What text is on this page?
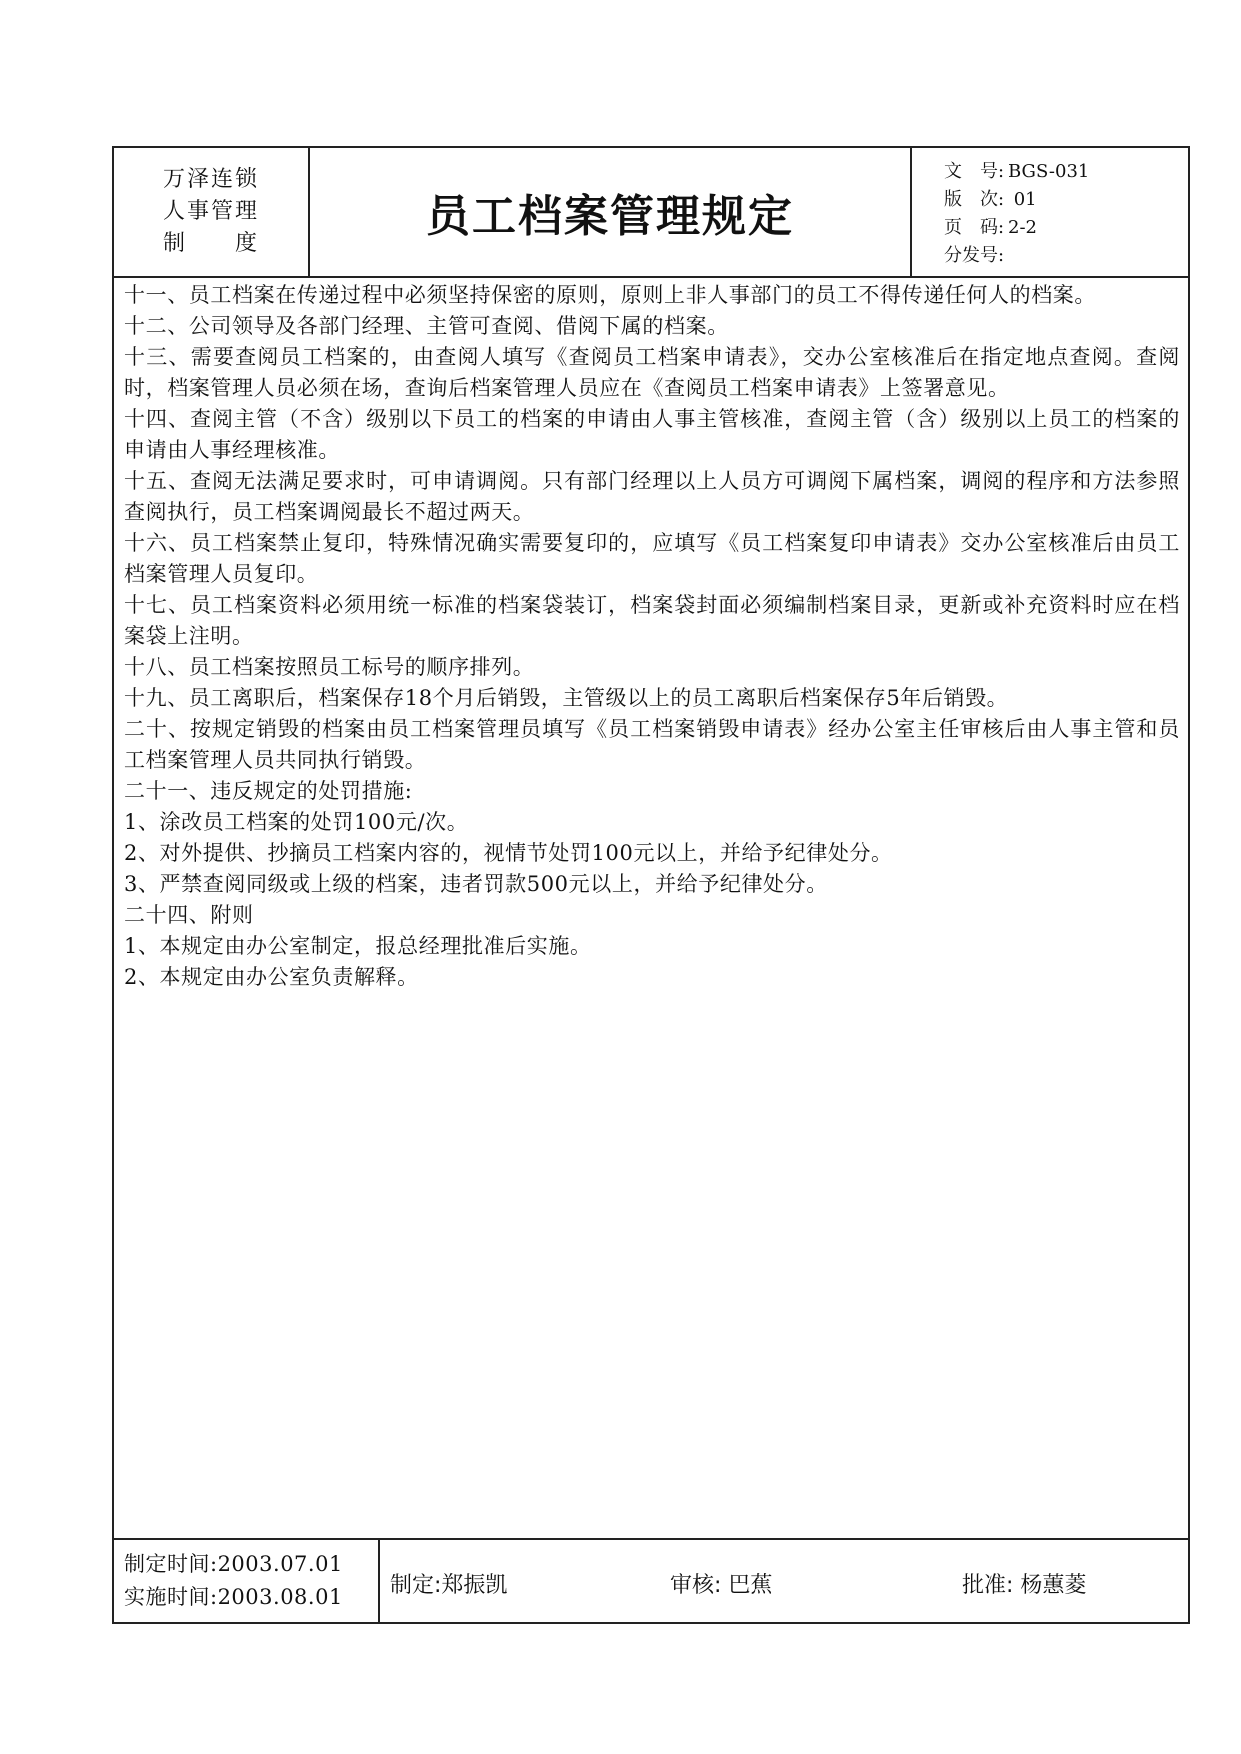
万泽连锁
人事管理
制　　度
员工档案管理规定
文　号: BGS-031
版　次: 01
页　码: 2-2
分发号:

十一、员工档案在传递过程中必须坚持保密的原则，原则上非人事部门的员工不得传递任何人的档案。

十二、公司领导及各部门经理、主管可查阅、借阅下属的档案。

十三、需要查阅员工档案的，由查阅人填写《查阅员工档案申请表》，交办公室核准后在指定地点查阅。查阅时，档案管理人员必须在场，查询后档案管理人员应在《查阅员工档案申请表》上签署意见。

十四、查阅主管（不含）级别以下员工的档案的申请由人事主管核准，查阅主管（含）级别以上员工的档案的申请由人事经理核准。

十五、查阅无法满足要求时，可申请调阅。只有部门经理以上人员方可调阅下属档案，调阅的程序和方法参照查阅执行，员工档案调阅最长不超过两天。

十六、员工档案禁止复印，特殊情况确实需要复印的，应填写《员工档案复印申请表》交办公室核准后由员工档案管理人员复印。

十七、员工档案资料必须用统一标准的档案袋装订，档案袋封面必须编制档案目录，更新或补充资料时应在档案袋上注明。

十八、员工档案按照员工标号的顺序排列。

十九、员工离职后，档案保存18个月后销毁，主管级以上的员工离职后档案保存5年后销毁。

二十、按规定销毁的档案由员工档案管理员填写《员工档案销毁申请表》经办公室主任审核后由人事主管和员工档案管理人员共同执行销毁。

二十一、违反规定的处罚措施:

1、涂改员工档案的处罚100元/次。

2、对外提供、抄摘员工档案内容的，视情节处罚100元以上，并给予纪律处分。

3、严禁查阅同级或上级的档案，违者罚款500元以上，并给予纪律处分。

二十四、附则

1、本规定由办公室制定，报总经理批准后实施。

2、本规定由办公室负责解释。

制定时间:2003.07.01
实施时间:2003.08.01	制定:郑振凯	审核: 巴蕉	批准: 杨蕙菱
